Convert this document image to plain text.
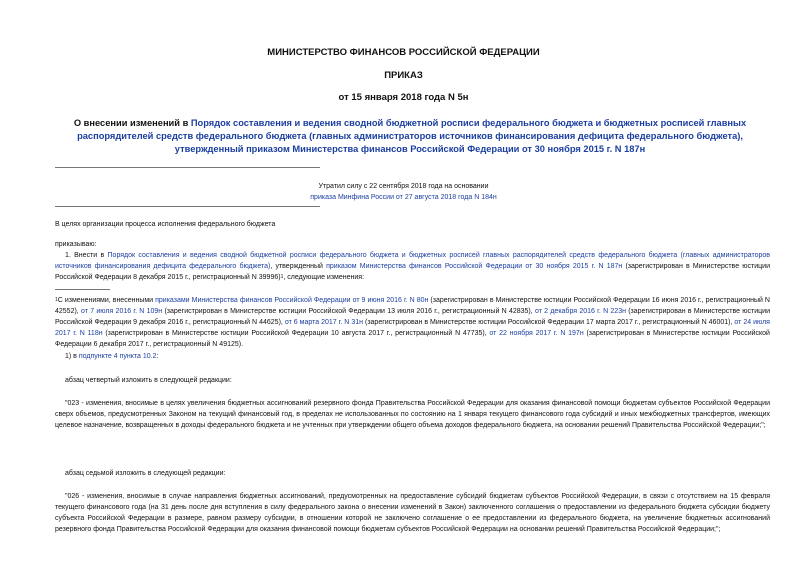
МИНИСТЕРСТВО ФИНАНСОВ РОССИЙСКОЙ ФЕДЕРАЦИИ
ПРИКАЗ
от 15 января 2018 года N 5н
О внесении изменений в Порядок составления и ведения сводной бюджетной росписи федерального бюджета и бюджетных росписей главных распорядителей средств федерального бюджета (главных администраторов источников финансирования дефицита федерального бюджета), утвержденный приказом Министерства финансов Российской Федерации от 30 ноября 2015 г. N 187н
Утратил силу с 22 сентября 2018 года на основании
приказа Минфина России от 27 августа 2018 года N 184н
В целях организации процесса исполнения федерального бюджета
приказываю:
1. Внести в Порядок составления и ведения сводной бюджетной росписи федерального бюджета и бюджетных росписей главных распорядителей средств федерального бюджета (главных администраторов источников финансирования дефицита федерального бюджета), утвержденный приказом Министерства финансов Российской Федерации от 30 ноября 2015 г. N 187н (зарегистрирован в Министерстве юстиции Российской Федерации 8 декабря 2015 г., регистрационный N 39996)$^1$, следующие изменения:
$^1$С изменениями, внесенными приказами Министерства финансов Российской Федерации от 9 июня 2016 г. N 80н (зарегистрирован в Министерстве юстиции Российской Федерации 16 июня 2016 г., регистрационный N 42552), от 7 июля 2016 г. N 109н (зарегистрирован в Министерстве юстиции Российской Федерации 13 июля 2016 г., регистрационный N 42835), от 2 декабря 2016 г. N 223н (зарегистрирован в Министерстве юстиции Российской Федерации 9 декабря 2016 г., регистрационный N 44625), от 6 марта 2017 г. N 31н (зарегистрирован в Министерстве юстиции Российской Федерации 17 марта 2017 г., регистрационный N 46001), от 24 июля 2017 г. N 118н (зарегистрирован в Министерстве юстиции Российской Федерации 10 августа 2017 г., регистрационный N 47735), от 22 ноября 2017 г. N 197н (зарегистрирован в Министерстве юстиции Российской Федерации 6 декабря 2017 г., регистрационный N 49125).
1) в подпункте 4 пункта 10.2:
абзац четвертый изложить в следующей редакции:
"023 - изменения, вносимые в целях увеличения бюджетных ассигнований резервного фонда Правительства Российской Федерации для оказания финансовой помощи бюджетам субъектов Российской Федерации сверх объемов, предусмотренных Законом на текущий финансовый год, в пределах не использованных по состоянию на 1 января текущего финансового года субсидий и иных межбюджетных трансфертов, имеющих целевое назначение, возвращенных в доходы федерального бюджета и не учтенных при утверждении общего объема доходов федерального бюджета, на основании решений Правительства Российской Федерации;";
абзац седьмой изложить в следующей редакции:
"026 - изменения, вносимые в случае направления бюджетных ассигнований, предусмотренных на предоставление субсидий бюджетам субъектов Российской Федерации, в связи с отсутствием на 15 февраля текущего финансового года (на 31 день после дня вступления в силу федерального закона о внесении изменений в Закон) заключенного соглашения о предоставлении из федерального бюджета субсидии бюджету субъекта Российской Федерации в размере, равном размеру субсидии, в отношении которой не заключено соглашение о ее предоставлении из федерального бюджета, на увеличение бюджетных ассигнований резервного фонда Правительства Российской Федерации для оказания финансовой помощи бюджетам субъектов Российской Федерации на основании решений Правительства Российской Федерации;";
